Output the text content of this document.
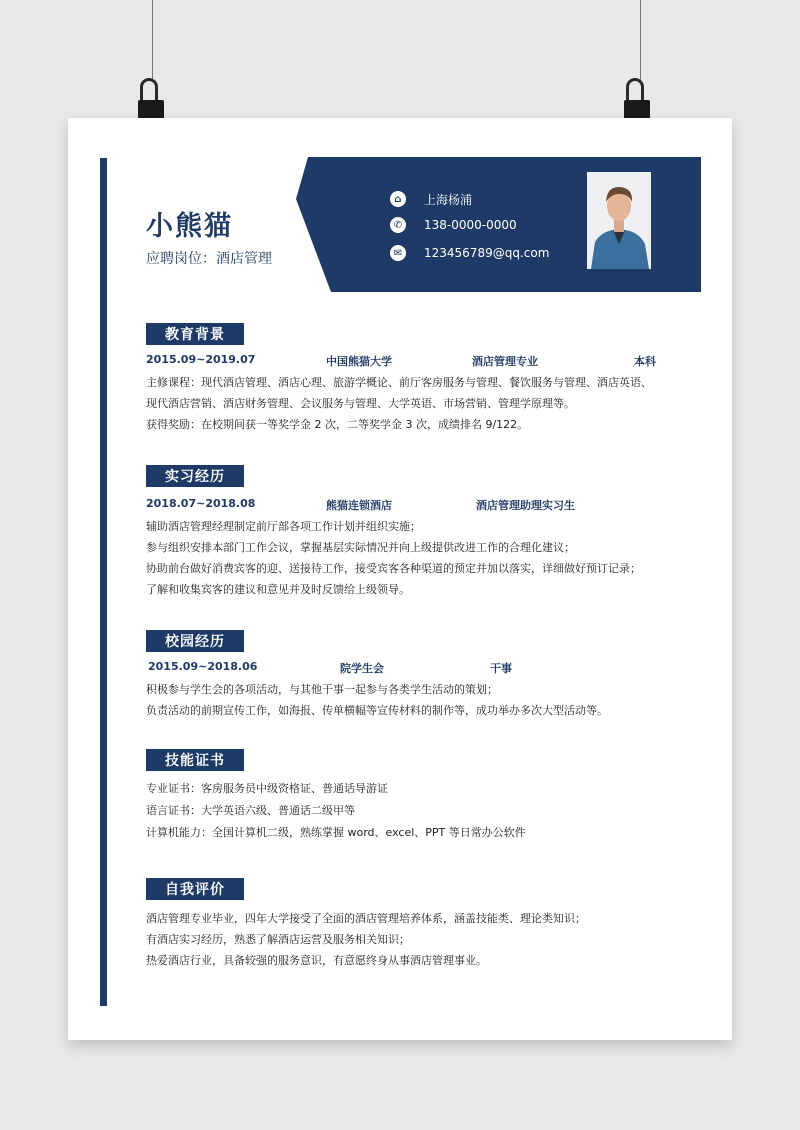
小熊猫
应聘岗位：酒店管理
⌂	上海杨浦
✆	138-0000-0000
✉	123456789@qq.com
教育背景
2015.09~2019.07	中国熊猫大学	酒店管理专业	本科
主修课程：现代酒店管理、酒店心理、旅游学概论、前厅客房服务与管理、餐饮服务与管理、酒店英语、
现代酒店营销、酒店财务管理、会议服务与管理、大学英语、市场营销、管理学原理等。
获得奖励：在校期间获一等奖学金 2 次，二等奖学金 3 次，成绩排名 9/122。
实习经历
2018.07~2018.08	熊猫连锁酒店	酒店管理助理实习生
辅助酒店管理经理制定前厅部各项工作计划并组织实施；
参与组织安排本部门工作会议，掌握基层实际情况并向上级提供改进工作的合理化建议；
协助前台做好消费宾客的迎、送接待工作，接受宾客各种渠道的预定并加以落实，详细做好预订记录；
了解和收集宾客的建议和意见并及时反馈给上级领导。
校园经历
2015.09~2018.06	院学生会	干事
积极参与学生会的各项活动，与其他干事一起参与各类学生活动的策划；
负责活动的前期宣传工作，如海报、传单横幅等宣传材料的制作等，成功举办多次大型活动等。
技能证书
专业证书：客房服务员中级资格证、普通话导游证
语言证书：大学英语六级、普通话二级甲等
计算机能力：全国计算机二级，熟练掌握 word、excel、PPT 等日常办公软件
自我评价
酒店管理专业毕业，四年大学接受了全面的酒店管理培养体系，涵盖技能类、理论类知识；
有酒店实习经历，熟悉了解酒店运营及服务相关知识；
热爱酒店行业，具备较强的服务意识，有意愿终身从事酒店管理事业。
